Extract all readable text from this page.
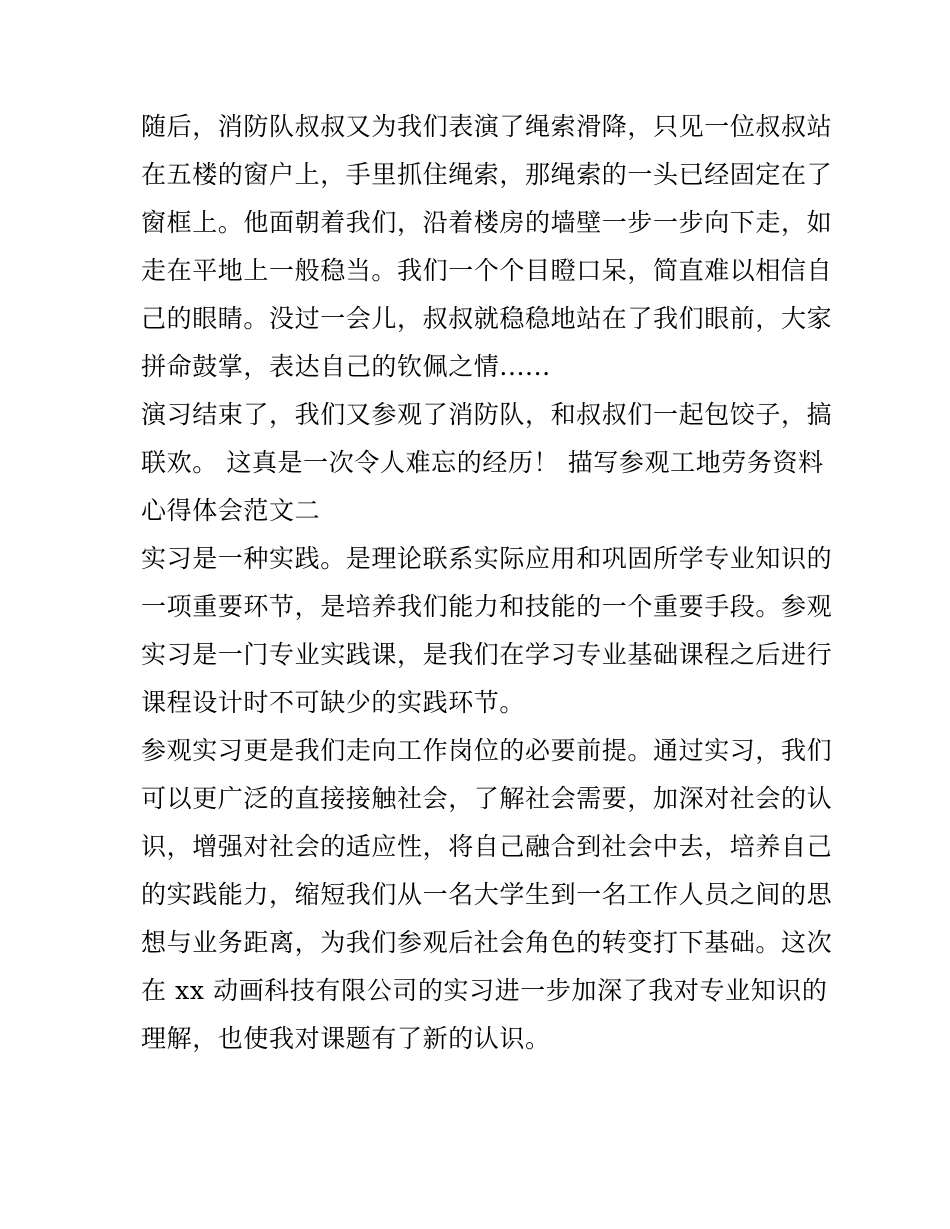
随后，消防队叔叔又为我们表演了绳索滑降，只见一位叔叔站
在五楼的窗户上，手里抓住绳索，那绳索的一头已经固定在了
窗框上。他面朝着我们，沿着楼房的墙壁一步一步向下走，如
走在平地上一般稳当。我们一个个目瞪口呆，简直难以相信自
己的眼睛。没过一会儿，叔叔就稳稳地站在了我们眼前，大家
拼命鼓掌，表达自己的钦佩之情......
演习结束了，我们又参观了消防队，和叔叔们一起包饺子，搞
联欢。 这真是一次令人难忘的经历！ 描写参观工地劳务资料
心得体会范文二
实习是一种实践。是理论联系实际应用和巩固所学专业知识的
一项重要环节，是培养我们能力和技能的一个重要手段。参观
实习是一门专业实践课，是我们在学习专业基础课程之后进行
课程设计时不可缺少的实践环节。
参观实习更是我们走向工作岗位的必要前提。通过实习，我们
可以更广泛的直接接触社会，了解社会需要，加深对社会的认
识，增强对社会的适应性，将自己融合到社会中去，培养自己
的实践能力，缩短我们从一名大学生到一名工作人员之间的思
想与业务距离，为我们参观后社会角色的转变打下基础。这次
在 xx 动画科技有限公司的实习进一步加深了我对专业知识的
理解，也使我对课题有了新的认识。
